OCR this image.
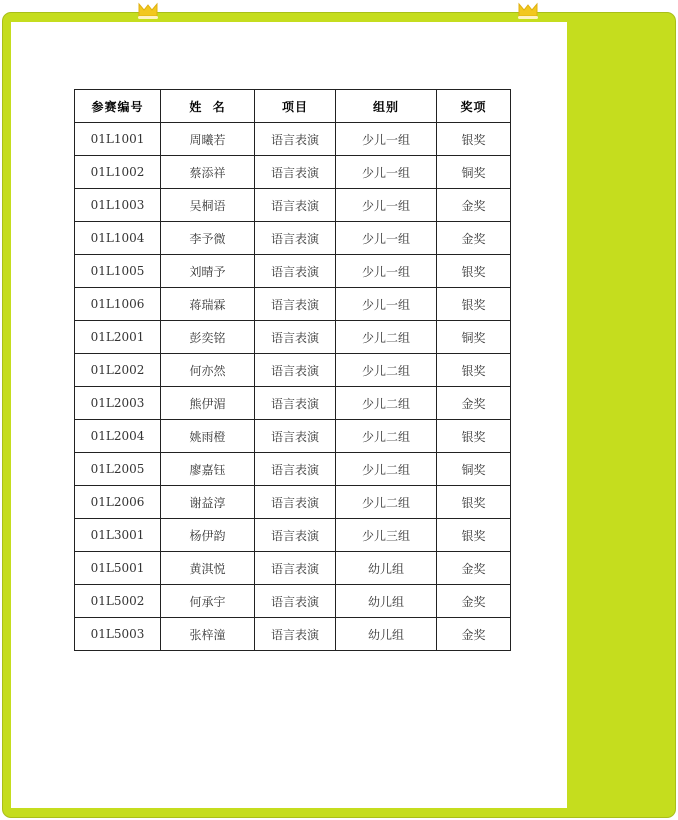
参赛编号	姓  名	项目	组别	奖项
01L1001	周曦若	语言表演	少儿一组	银奖
01L1002	蔡添祥	语言表演	少儿一组	铜奖
01L1003	吴桐语	语言表演	少儿一组	金奖
01L1004	李予微	语言表演	少儿一组	金奖
01L1005	刘晴予	语言表演	少儿一组	银奖
01L1006	蒋瑞霖	语言表演	少儿一组	银奖
01L2001	彭奕铭	语言表演	少儿二组	铜奖
01L2002	何亦然	语言表演	少儿二组	银奖
01L2003	熊伊湄	语言表演	少儿二组	金奖
01L2004	姚雨橙	语言表演	少儿二组	银奖
01L2005	廖嘉钰	语言表演	少儿二组	铜奖
01L2006	谢益淳	语言表演	少儿二组	银奖
01L3001	杨伊韵	语言表演	少儿三组	银奖
01L5001	黄淇悦	语言表演	幼儿组	金奖
01L5002	何承宇	语言表演	幼儿组	金奖
01L5003	张梓潼	语言表演	幼儿组	金奖
